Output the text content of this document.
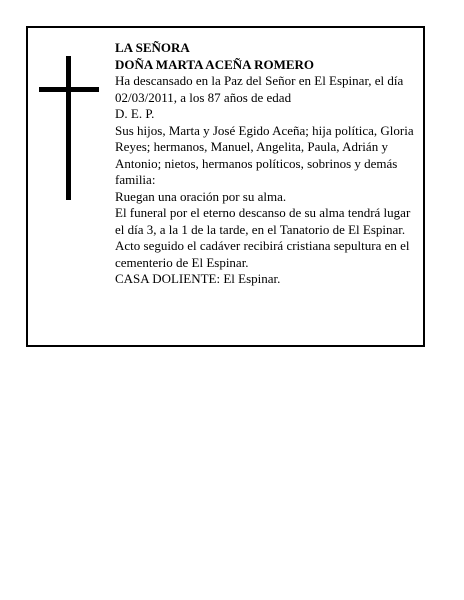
LA SEÑORA

DOÑA MARTA ACEÑA ROMERO

Ha descansado en la Paz del Señor en El Espinar, el día 02/03/2011, a los 87 años de edad

D. E. P.

Sus hijos, Marta y José Egido Aceña; hija política, Gloria Reyes; hermanos, Manuel, Angelita, Paula, Adrián y Antonio; nietos, hermanos políticos, sobrinos y demás familia:

Ruegan una oración por su alma.

El funeral por el eterno descanso de su alma tendrá lugar el día 3, a la 1 de la tarde, en el Tanatorio de El Espinar. Acto seguido el cadáver recibirá cristiana sepultura en el cementerio de El Espinar.

CASA DOLIENTE: El Espinar.
